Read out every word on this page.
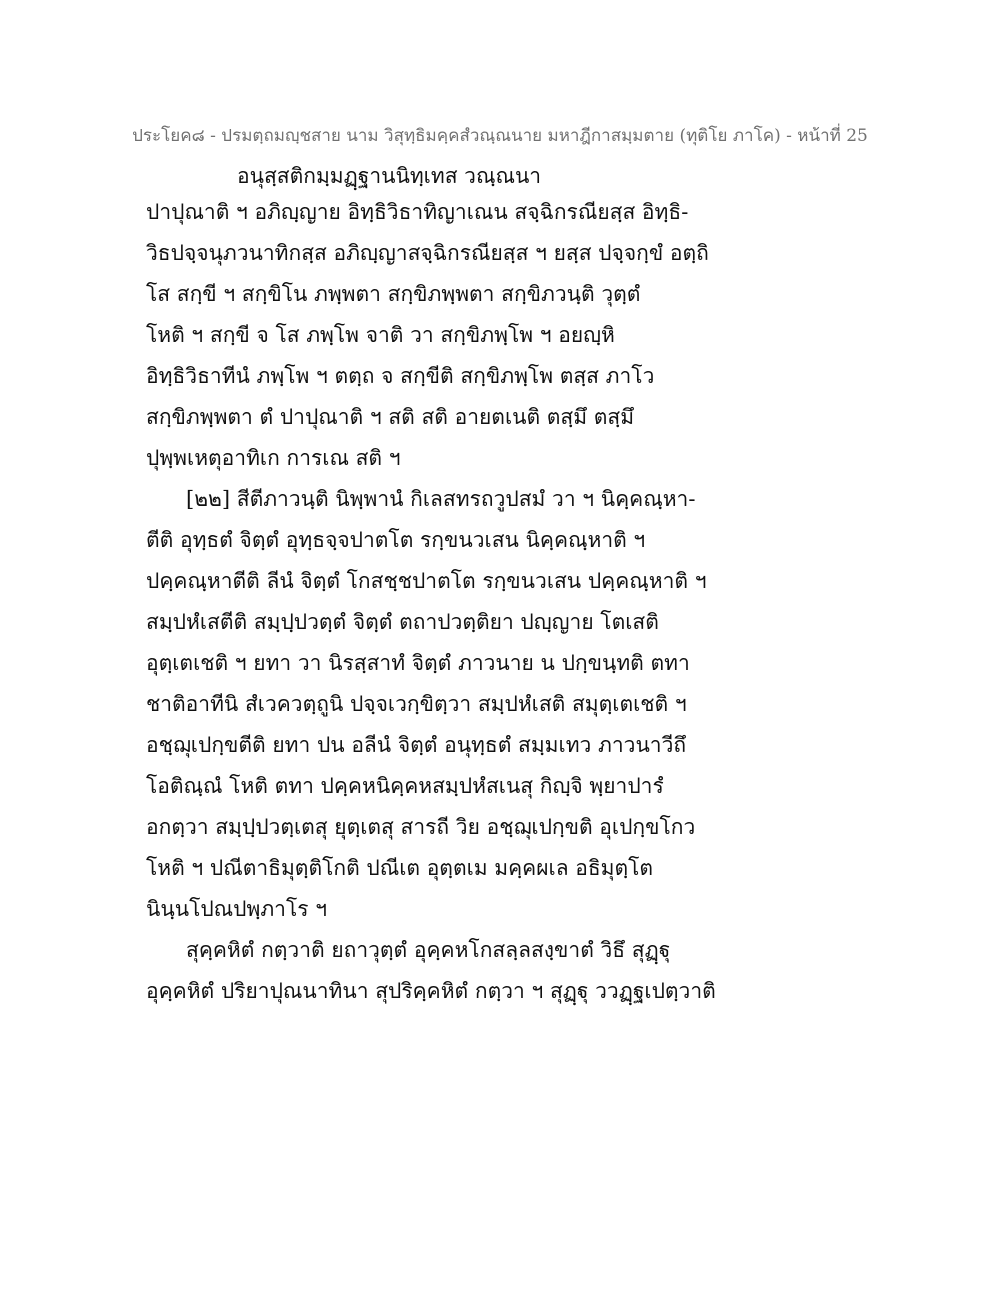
ประโยค๘ - ปรมตฺถมญฺชสาย นาม วิสุทฺธิมคฺคสํวณฺณนาย มหาฎีกาสมฺมตาย (ทุติโย ภาโค) - หน้าที่ 25
อนุสฺสติกมฺมฏฺฐานนิทฺเทส วณฺณนา
ปาปุณาติ ฯ อภิญฺญาย อิทฺธิวิธาทิญาเณน สจฺฉิกรณียสฺส อิทฺธิ-
วิธปจฺจนุภวนาทิกสฺส อภิญฺญาสจฺฉิกรณียสฺส ฯ ยสฺส ปจฺจกฺขํ อตฺถิ
โส สกฺขี ฯ สกฺขิโน ภพฺพตา สกฺขิภพฺพตา สกฺขิภวนฺติ วุตฺตํ
โหติ ฯ สกฺขี จ โส ภพฺโพ จาติ วา สกฺขิภพฺโพ ฯ อยญฺหิ
อิทฺธิวิธาทีนํ ภพฺโพ ฯ ตตฺถ จ สกฺขีติ สกฺขิภพฺโพ ตสฺส ภาโว
สกฺขิภพฺพตา ตํ ปาปุณาติ ฯ สติ สติ อายตเนติ ตสฺมึ ตสฺมึ
ปุพฺพเหตุอาทิเก การเณ สติ ฯ
[๒๒] สีตีภาวนฺติ นิพฺพานํ กิเลสทรถวูปสมํ วา ฯ นิคฺคณฺหา-
ตีติ อุทฺธตํ จิตฺตํ อุทฺธจฺจปาตโต รกฺขนวเสน นิคฺคณฺหาติ ฯ
ปคฺคณฺหาตีติ ลีนํ จิตฺตํ โกสชฺชปาตโต รกฺขนวเสน ปคฺคณฺหาติ ฯ
สมฺปหํเสตีติ สมฺปฺปวตฺตํ จิตฺตํ ตถาปวตฺติยา ปญฺญาย โตเสติ
อุตฺเตเชติ ฯ ยทา วา นิรสฺสาทํ จิตฺตํ ภาวนาย น ปกฺขนฺทติ ตทา
ชาติอาทีนิ สํเวควตฺถูนิ ปจฺจเวกฺขิตฺวา สมฺปหํเสติ สมุตฺเตเชติ ฯ
อชฺฌุเปกฺขตีติ ยทา ปน อลีนํ จิตฺตํ อนุทฺธตํ สมฺมเทว ภาวนาวีถึ
โอติณฺณํ โหติ ตทา ปคฺคหนิคฺคหสมฺปหํสเนสุ กิญฺจิ พฺยาปารํ
อกตฺวา สมฺปฺปวตฺเตสุ ยุตฺเตสุ สารถี วิย อชฺฌุเปกฺขติ อุเปกฺขโกว
โหติ ฯ ปณีตาธิมุตฺติโกติ ปณีเต อุตฺตเม มคฺคผเล อธิมุตฺโต
นินฺนโปณปพฺภาโร ฯ
สุคฺคหิตํ กตฺวาติ ยถาวุตฺตํ อุคฺคหโกสลฺลสงฺขาตํ วิธึ สุฏฺฐุ
อุคฺคหิตํ ปริยาปุณนาทินา สุปริคฺคหิตํ กตฺวา ฯ สุฏฺฐุ ววฏฺฐเปตฺวาติ
